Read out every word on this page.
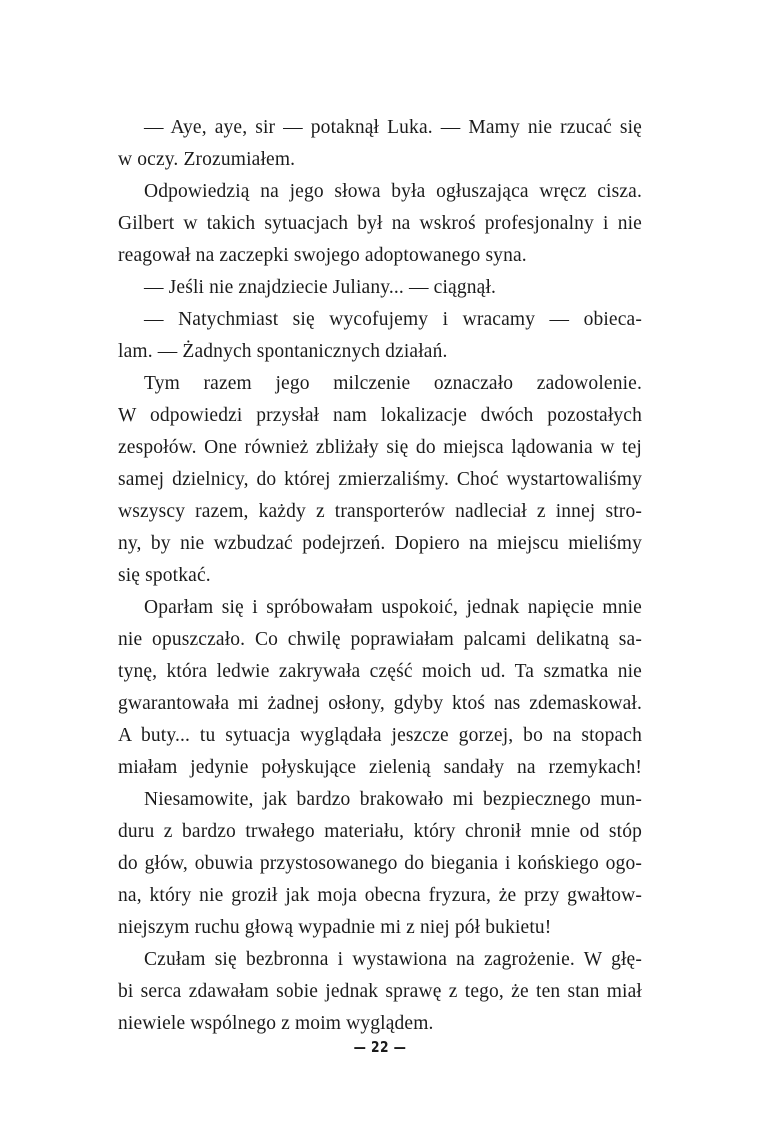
— Aye, aye, sir — potaknął Luka. — Mamy nie rzucać się
w oczy. Zrozumiałem.
Odpowiedzią na jego słowa była ogłuszająca wręcz cisza.
Gilbert w takich sytuacjach był na wskroś profesjonalny i nie
reagował na zaczepki swojego adoptowanego syna.
— Jeśli nie znajdziecie Juliany... — ciągnął.
— Natychmiast się wycofujemy i wracamy — obieca-
lam. — Żadnych spontanicznych działań.
Tym razem jego milczenie oznaczało zadowolenie.
W odpowiedzi przysłał nam lokalizacje dwóch pozostałych
zespołów. One również zbliżały się do miejsca lądowania w tej
samej dzielnicy, do której zmierzaliśmy. Choć wystartowaliśmy
wszyscy razem, każdy z transporterów nadleciał z innej stro-
ny, by nie wzbudzać podejrzeń. Dopiero na miejscu mieliśmy
się spotkać.
Oparłam się i spróbowałam uspokoić, jednak napięcie mnie
nie opuszczało. Co chwilę poprawiałam palcami delikatną sa-
tynę, która ledwie zakrywała część moich ud. Ta szmatka nie
gwarantowała mi żadnej osłony, gdyby ktoś nas zdemaskował.
A buty... tu sytuacja wyglądała jeszcze gorzej, bo na stopach
miałam jedynie połyskujące zielenią sandały na rzemykach!
Niesamowite, jak bardzo brakowało mi bezpiecznego mun-
duru z bardzo trwałego materiału, który chronił mnie od stóp
do głów, obuwia przystosowanego do biegania i końskiego ogo-
na, który nie groził jak moja obecna fryzura, że przy gwałtow-
niejszym ruchu głową wypadnie mi z niej pół bukietu!
Czułam się bezbronna i wystawiona na zagrożenie. W głę-
bi serca zdawałam sobie jednak sprawę z tego, że ten stan miał
niewiele wspólnego z moim wyglądem.
— 22 —
